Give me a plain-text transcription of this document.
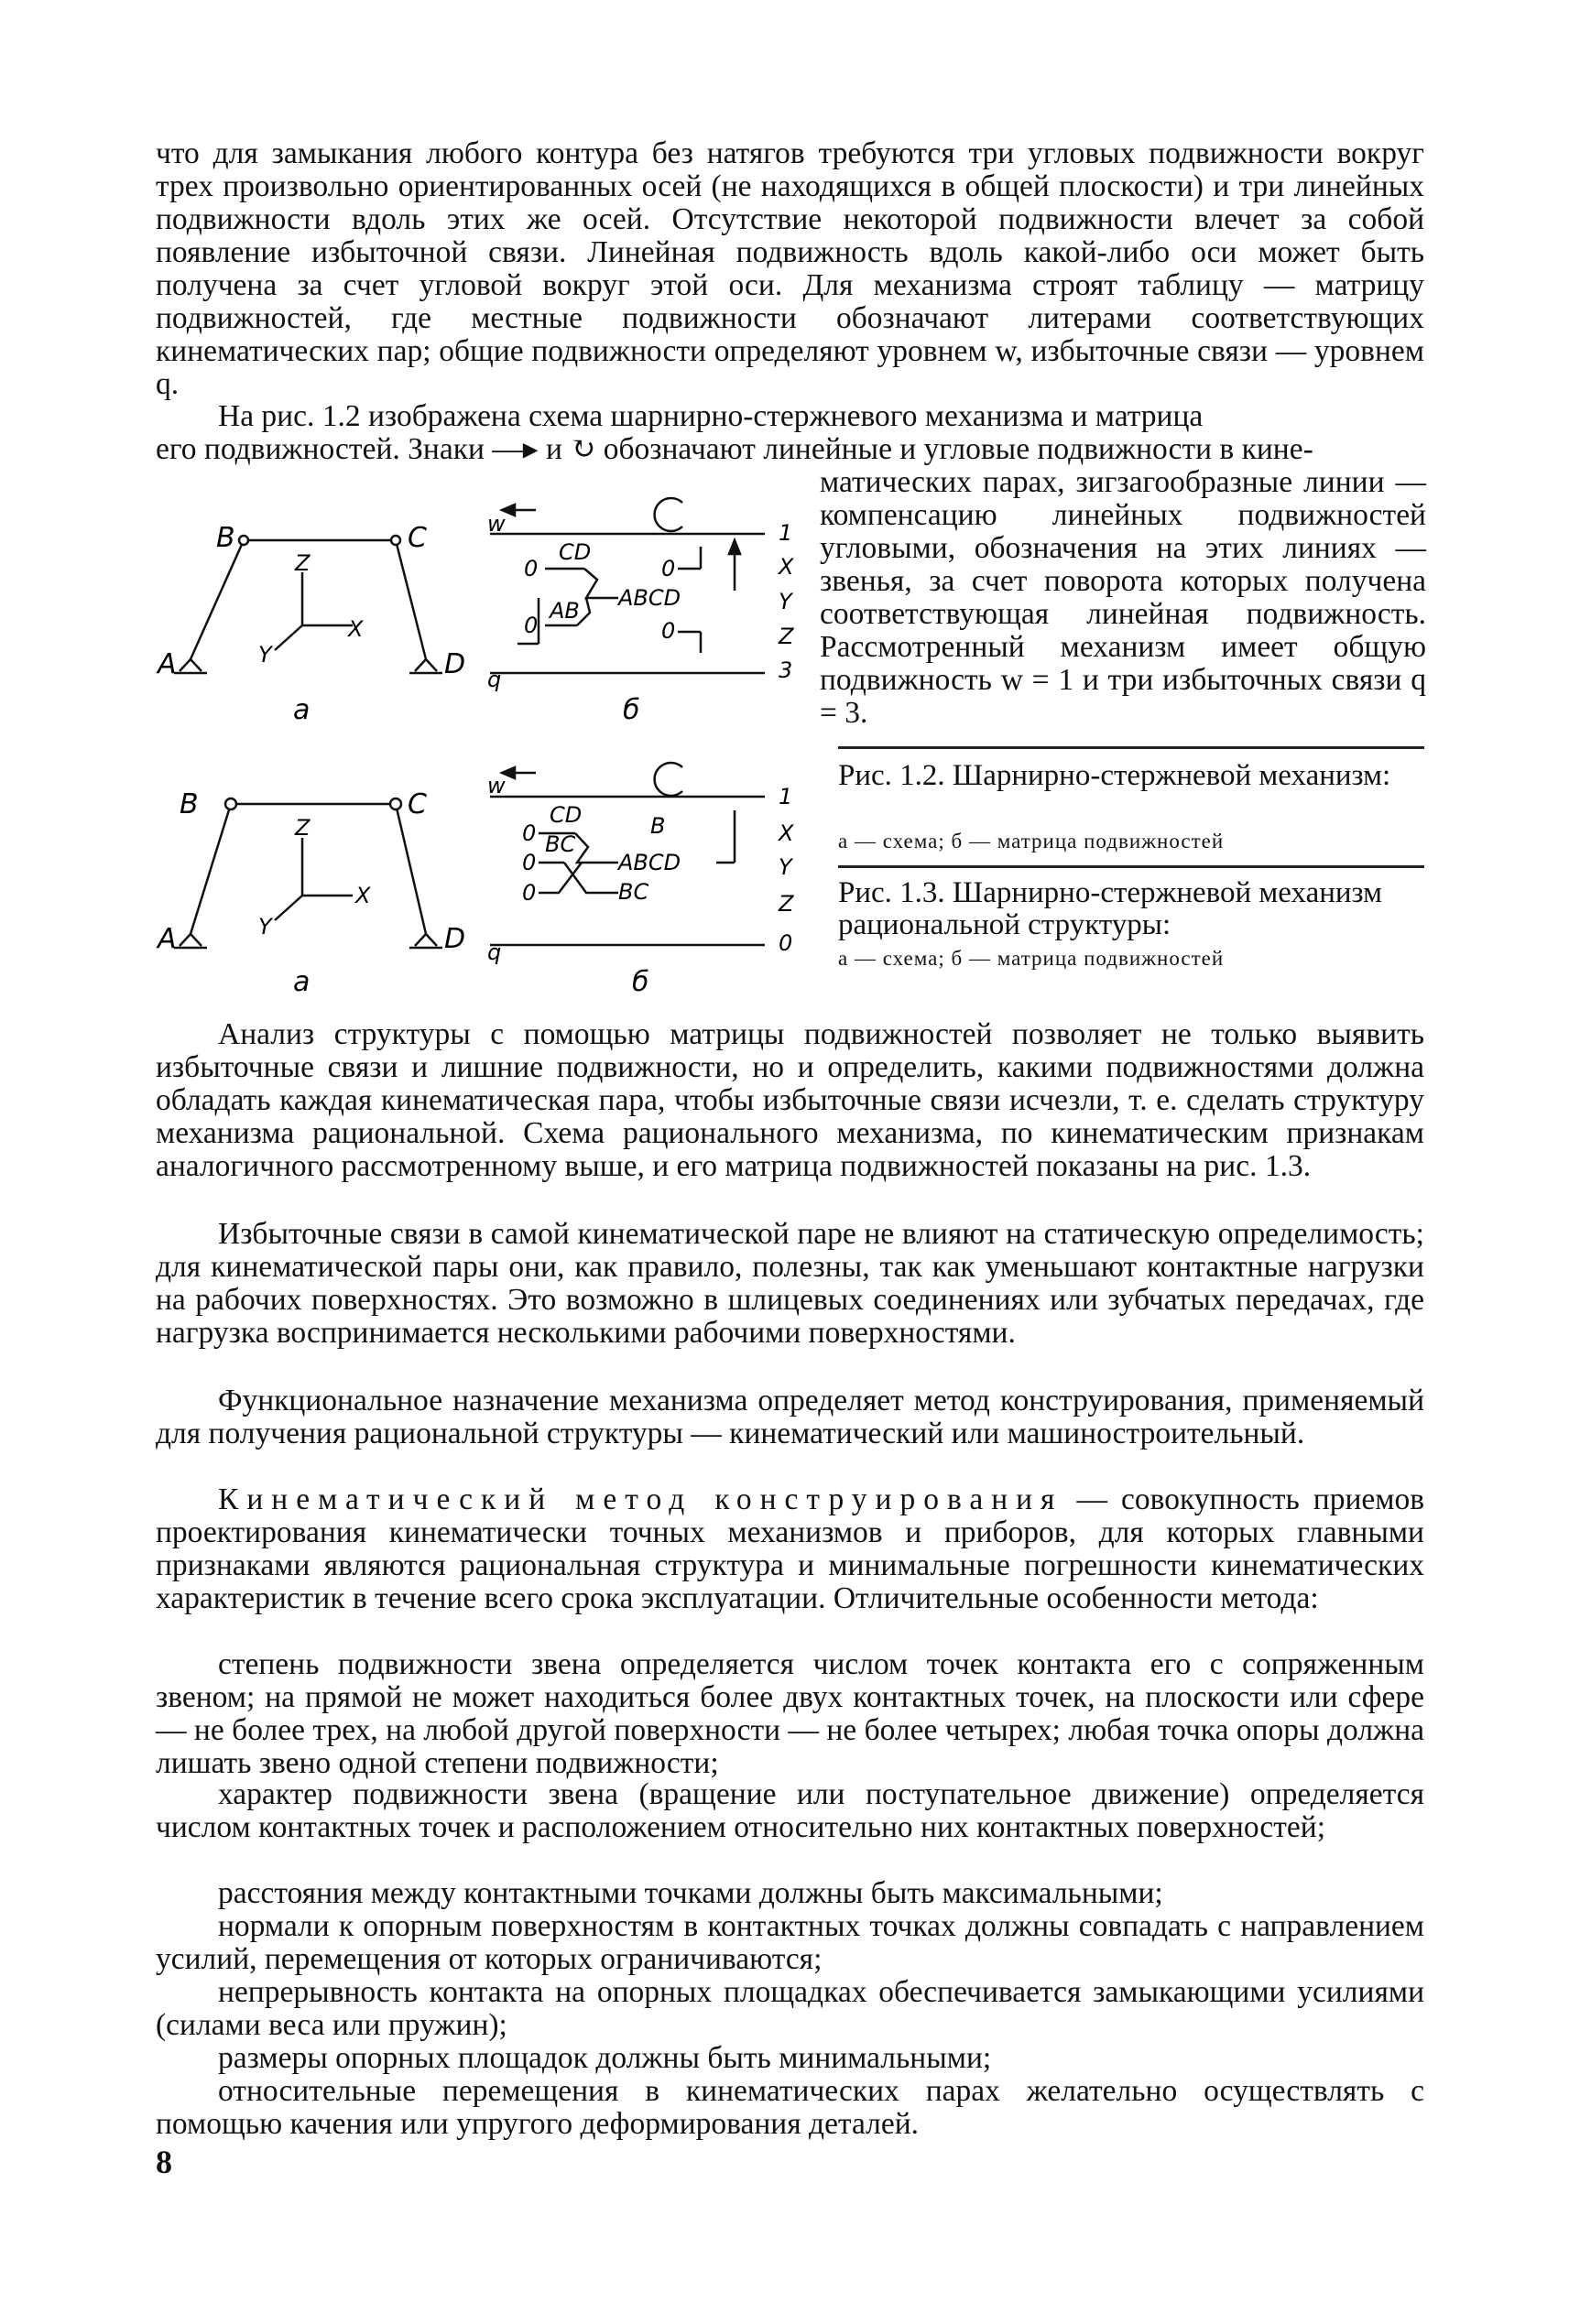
что для замыкания любого контура без натягов требуются три угловых подвижности вокруг трех произвольно ориентированных осей (не находящихся в общей плоскости) и три линейных подвижности вдоль этих же осей. Отсутствие некоторой подвижности влечет за собой появление избыточной связи. Линейная подвижность вдоль какой-либо оси может быть получена за счет угловой вокруг этой оси. Для механизма строят таблицу — матрицу подвижностей, где местные подвижности обозначают литерами соответствующих кинематических пар; общие подвижности определяют уровнем w, избыточные связи — уровнем q.

На рис. 1.2 изображена схема шарнирно-стержневого механизма и матрица

его подвижностей. Знаки —▸ и ↻ обозначают линейные и угловые подвижности в кине-

матических парах, зигзагообразные линии — компенсацию линейных подвижностей угловыми, обозначения на этих линиях — звенья, за счет поворота которых получена соответствующая линейная подвижность. Рассмотренный механизм имеет общую подвижность w = 1 и три избыточных связи q = 3.

B	C
A	D
Z
X
Y
а
w
q
CD
AB ABCD
0
0
0
0
1
X
Y
Z
3
б

Рис. 1.2. Шарнирно-стержневой механизм:

а — схема; б — матрица подвижностей

Рис. 1.3. Шарнирно-стержневой механизм рациональной структуры:

а — схема; б — матрица подвижностей

B	C
A	D
Z
X
Y
а
w
q
CD
BC
B
ABCD
BC
0
0
0
1
X
Y
Z
0
б

Анализ структуры с помощью матрицы подвижностей позволяет не только выявить избыточные связи и лишние подвижности, но и определить, какими подвижностями должна обладать каждая кинематическая пара, чтобы избыточные связи исчезли, т. е. сделать структуру механизма рациональной. Схема рационального механизма, по кинематическим признакам аналогичного рассмотренному выше, и его матрица подвижностей показаны на рис. 1.3.

Избыточные связи в самой кинематической паре не влияют на статическую определимость; для кинематической пары они, как правило, полезны, так как уменьшают контактные нагрузки на рабочих поверхностях. Это возможно в шлицевых соединениях или зубчатых передачах, где нагрузка воспринимается несколькими рабочими поверхностями.

Функциональное назначение механизма определяет метод конструирования, применяемый для получения рациональной структуры — кинематический или машиностроительный.

Кинематический метод конструирования — совокупность приемов проектирования кинематически точных механизмов и приборов, для которых главными признаками являются рациональная структура и минимальные погрешности кинематических характеристик в течение всего срока эксплуатации. Отличительные особенности метода:

степень подвижности звена определяется числом точек контакта его с сопряженным звеном; на прямой не может находиться более двух контактных точек, на плоскости или сфере — не более трех, на любой другой поверхности — не более четырех; любая точка опоры должна лишать звено одной степени подвижности;

характер подвижности звена (вращение или поступательное движение) определяется числом контактных точек и расположением относительно них контактных поверхностей;

расстояния между контактными точками должны быть максимальными;

нормали к опорным поверхностям в контактных точках должны совпадать с направлением усилий, перемещения от которых ограничиваются;

непрерывность контакта на опорных площадках обеспечивается замыкающими усилиями (силами веса или пружин);

размеры опорных площадок должны быть минимальными;

относительные перемещения в кинематических парах желательно осуществлять с помощью качения или упругого деформирования деталей.

8
